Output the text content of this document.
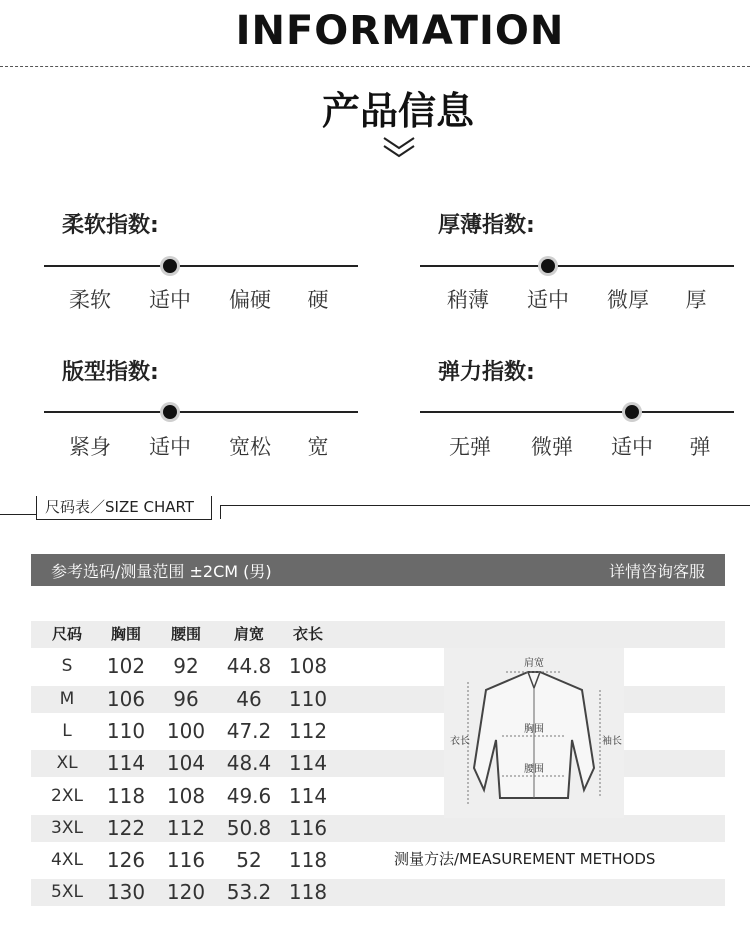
INFORMATION
产品信息
柔软指数:
柔软	适中	偏硬	硬
厚薄指数:
稍薄	适中	微厚	厚
版型指数:
紧身	适中	宽松	宽
弹力指数:
无弹	微弹	适中	弹
尺码表／SIZE CHART
参考选码/测量范围 ±2CM (男)	详情咨询客服
尺码	胸围	腰围	肩宽	衣长
S	102	92	44.8 108
M	106	96	46	110
L	110	100	47.2 112
XL	114	104	48.4 114
2XL	118	108	49.6 114
3XL	122	112	50.8 116
4XL	126	116	52	118
5XL	130	120	53.2 118
肩宽
胸围
腰围
衣长	袖长
测量方法/MEASUREMENT METHODS
